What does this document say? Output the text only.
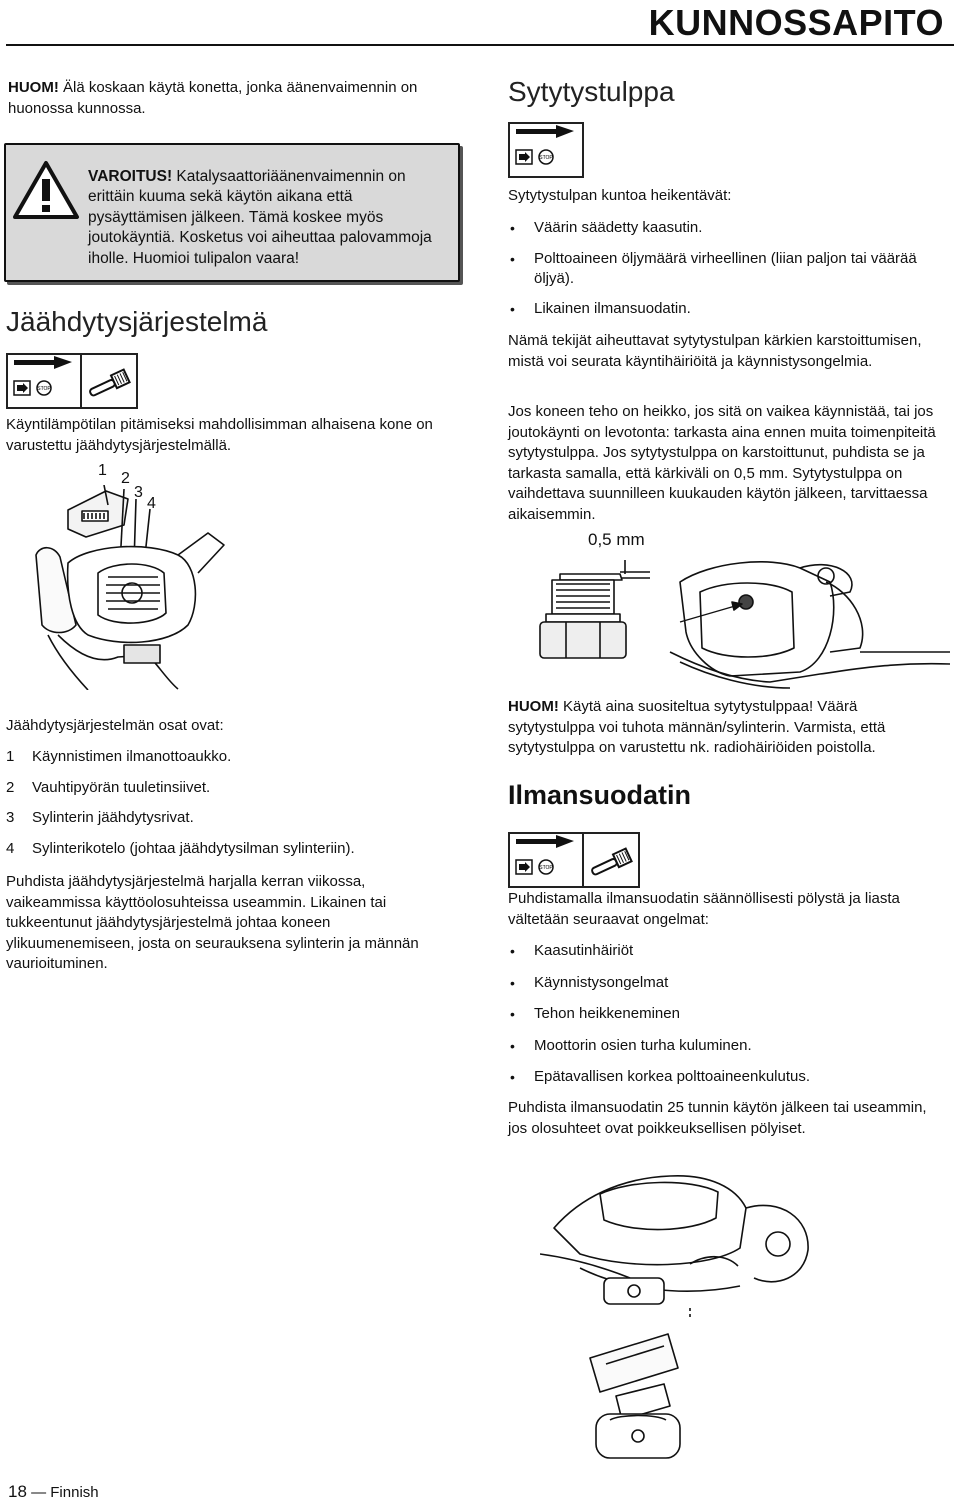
KUNNOSSAPITO

HUOM! Älä koskaan käytä konetta, jonka äänenvaimennin on huonossa kunnossa.

VAROITUS! Katalysaattoriäänenvaimennin on erittäin kuuma sekä käytön aikana että pysäyttämisen jälkeen. Tämä koskee myös joutokäyntiä. Kosketus voi aiheuttaa palovammoja iholle. Huomioi tulipalon vaara!

Jäähdytysjärjestelmä
STOP

Käyntilämpötilan pitämiseksi mahdollisimman alhaisena kone on varustettu jäähdytysjärjestelmällä.

1 2
3
4
Jäähdytysjärjestelmän osat ovat:
1	Käynnistimen ilmanottoaukko.
2	Vauhtipyörän tuuletinsiivet.
3	Sylinterin jäähdytysrivat.
4	Sylinterikotelo (johtaa jäähdytysilman sylinteriin).

Puhdista jäähdytysjärjestelmä harjalla kerran viikossa, vaikeammissa käyttöolosuhteissa useammin. Likainen tai tukkeentunut jäähdytysjärjestelmä johtaa koneen ylikuumenemiseen, josta on seurauksena sylinterin ja männän vaurioituminen.

Sytytystulppa
STOP

Sytytystulpan kuntoa heikentävät:

• Väärin säädetty kaasutin.
• Polttoaineen öljymäärä virheellinen (liian paljon tai väärää öljyä).
• Likainen ilmansuodatin.

Nämä tekijät aiheuttavat sytytystulpan kärkien karstoittumisen, mistä voi seurata käyntihäiriöitä ja käynnistysongelmia.

Jos koneen teho on heikko, jos sitä on vaikea käynnistää, tai jos joutokäynti on levotonta: tarkasta aina ennen muita toimenpiteitä sytytystulppa. Jos sytytystulppa on karstoittunut, puhdista se ja tarkasta samalla, että kärkiväli on 0,5 mm. Sytytystulppa on vaihdettava suunnilleen kuukauden käytön jälkeen, tarvittaessa aikaisemmin.

0,5 mm

HUOM! Käytä aina suositeltua sytytystulppaa! Väärä sytytystulppa voi tuhota männän/sylinterin. Varmista, että sytytystulppa on varustettu nk. radiohäiriöiden poistolla.

Ilmansuodatin
STOP

Puhdistamalla ilmansuodatin säännöllisesti pölystä ja liasta vältetään seuraavat ongelmat:

• Kaasutinhäiriöt
• Käynnistysongelmat
• Tehon heikkeneminen
• Moottorin osien turha kuluminen.
• Epätavallisen korkea polttoaineenkulutus.

Puhdista ilmansuodatin 25 tunnin käytön jälkeen tai useammin, jos olosuhteet ovat poikkeuksellisen pölyiset.

18 — Finnish
